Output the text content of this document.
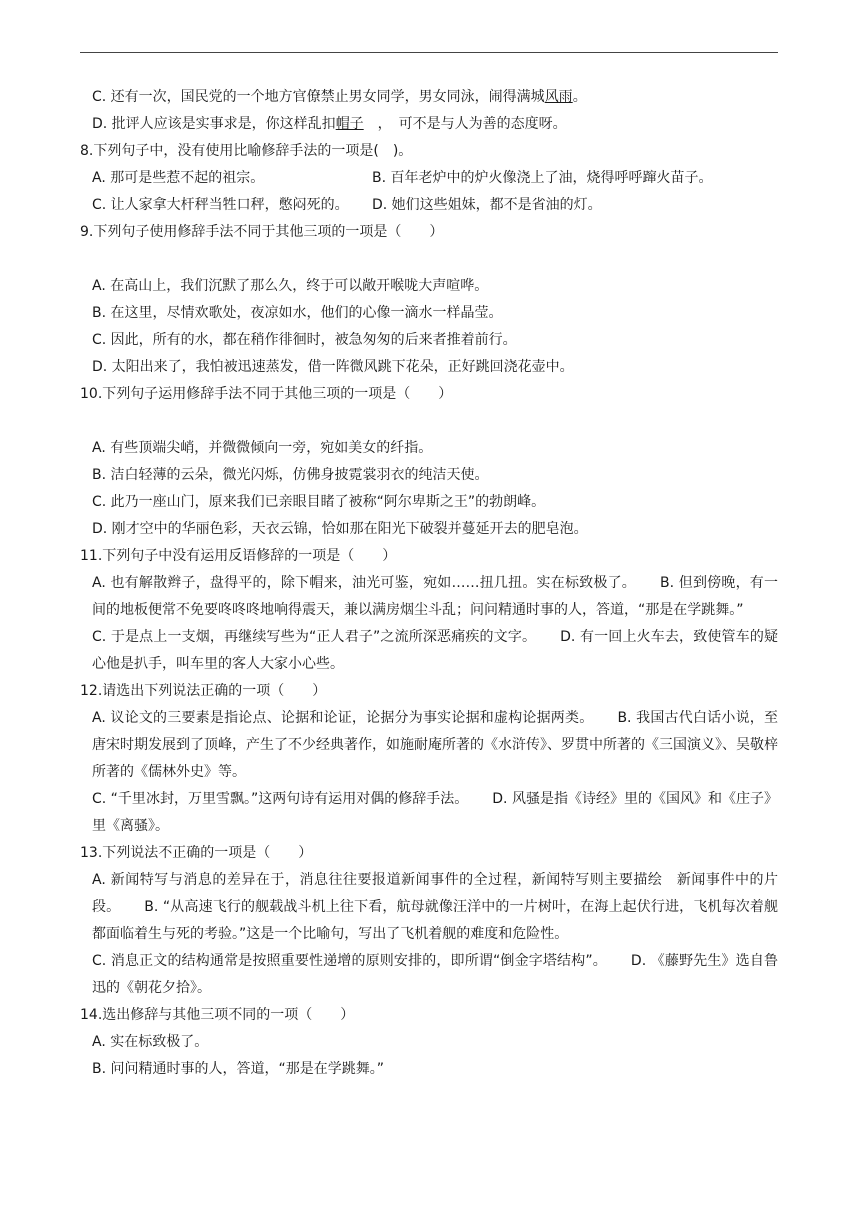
C. 还有一次，国民党的一个地方官僚禁止男女同学，男女同泳，闹得满城风雨。
D. 批评人应该是实事求是，你这样乱扣帽子　，　可不是与人为善的态度呀。
8.下列句子中，没有使用比喻修辞手法的一项是(　)。
A. 那可是些惹不起的祖宗。	B. 百年老炉中的炉火像浇上了油，烧得呼呼蹿火苗子。
C. 让人家拿大杆秤当牲口秤，憋闷死的。 D. 她们这些姐妹，都不是省油的灯。
9.下列句子使用修辞手法不同于其他三项的一项是（　　）
A. 在高山上，我们沉默了那么久，终于可以敞开喉咙大声喧哗。
B. 在这里，尽情欢歌处，夜凉如水，他们的心像一滴水一样晶莹。
C. 因此，所有的水，都在稍作徘徊时，被急匆匆的后来者推着前行。
D. 太阳出来了，我怕被迅速蒸发，借一阵微风跳下花朵，正好跳回浇花壶中。
10.下列句子运用修辞手法不同于其他三项的一项是（　　）
A. 有些顶端尖峭，并微微倾向一旁，宛如美女的纤指。
B. 洁白轻薄的云朵，微光闪烁，仿佛身披霓裳羽衣的纯洁天使。
C. 此乃一座山门，原来我们已亲眼目睹了被称“阿尔卑斯之王”的勃朗峰。
D. 刚才空中的华丽色彩，天衣云锦，恰如那在阳光下破裂并蔓延开去的肥皂泡。
11.下列句子中没有运用反语修辞的一项是（　　）
A. 也有解散辫子，盘得平的，除下帽来，油光可鉴，宛如……扭几扭。实在标致极了。 B. 但到傍晚，有一间的地板便常不免要咚咚咚地响得震天，兼以满房烟尘斗乱；问问精通时事的人，答道，“那是在学跳舞。”
C. 于是点上一支烟，再继续写些为“正人君子”之流所深恶痛疾的文字。 D. 有一回上火车去，致使管车的疑心他是扒手，叫车里的客人大家小心些。
12.请选出下列说法正确的一项（　　）
A. 议论文的三要素是指论点、论据和论证，论据分为事实论据和虚构论据两类。 B. 我国古代白话小说，至唐宋时期发展到了顶峰，产生了不少经典著作，如施耐庵所著的《水浒传》、罗贯中所著的《三国演义》、吴敬梓所著的《儒林外史》等。
C. “千里冰封，万里雪飘。”这两句诗有运用对偶的修辞手法。 D. 风骚是指《诗经》里的《国风》和《庄子》里《离骚》。
13.下列说法不正确的一项是（　　）
A. 新闻特写与消息的差异在于，消息往往要报道新闻事件的全过程，新闻特写则主要描绘　新闻事件中的片段。 B. “从高速飞行的舰载战斗机上往下看，航母就像汪洋中的一片树叶，在海上起伏行进，飞机每次着舰都面临着生与死的考验。”这是一个比喻句，写出了飞机着舰的难度和危险性。
C. 消息正文的结构通常是按照重要性递增的原则安排的，即所谓“倒金字塔结构”。 D. 《藤野先生》选自鲁迅的《朝花夕拾》。
14.选出修辞与其他三项不同的一项（　　）
A. 实在标致极了。
B. 问问精通时事的人，答道，“那是在学跳舞。”
